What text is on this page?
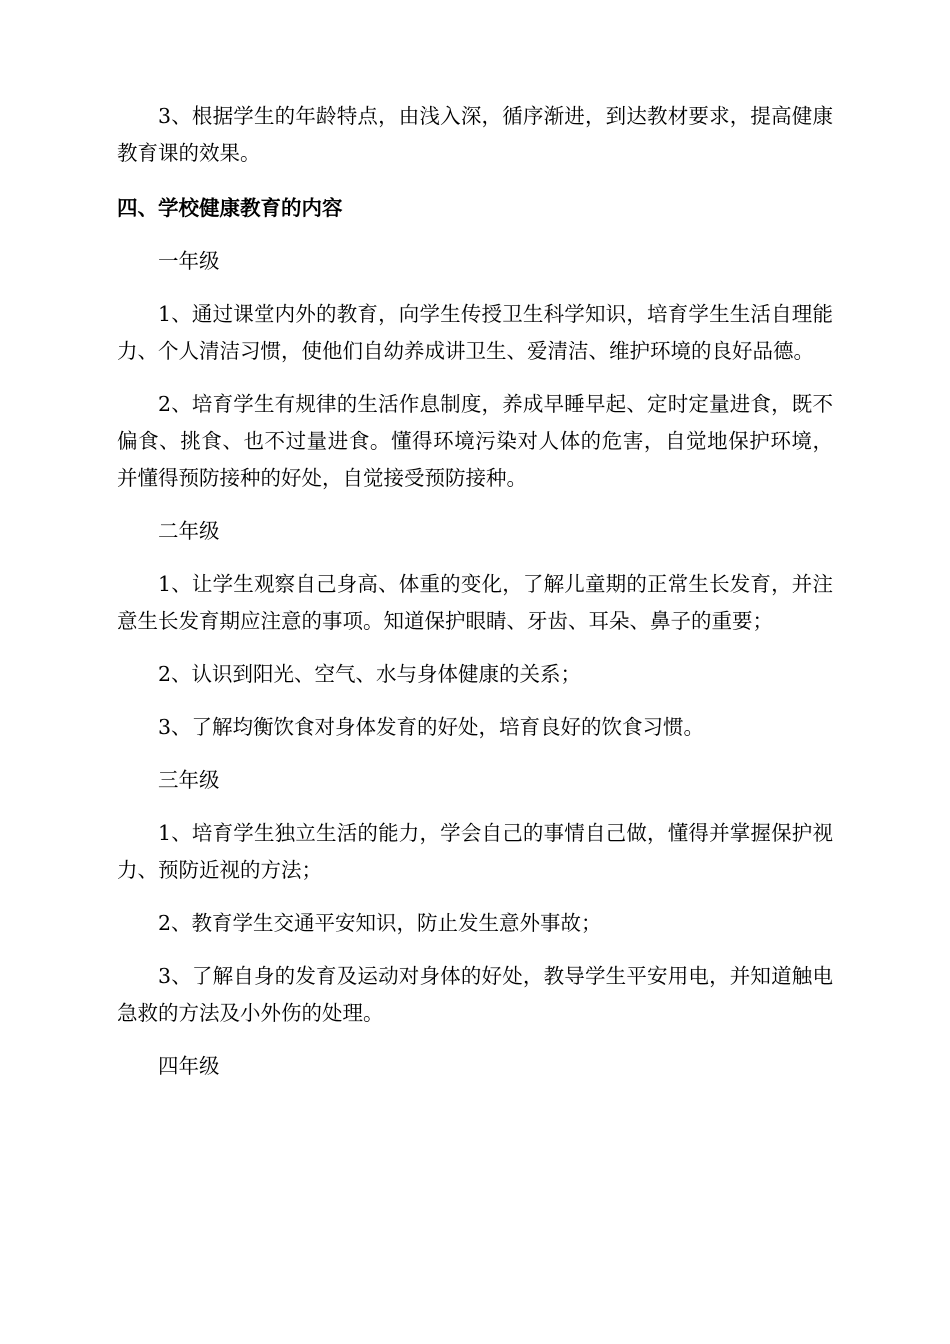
3、根据学生的年龄特点，由浅入深，循序渐进，到达教材要求，提高健康教育课的效果。

四、学校健康教育的内容

一年级

1、通过课堂内外的教育，向学生传授卫生科学知识，培育学生生活自理能力、个人清洁习惯，使他们自幼养成讲卫生、爱清洁、维护环境的良好品德。

2、培育学生有规律的生活作息制度，养成早睡早起、定时定量进食，既不偏食、挑食、也不过量进食。懂得环境污染对人体的危害，自觉地保护环境，并懂得预防接种的好处，自觉接受预防接种。

二年级

1、让学生观察自己身高、体重的变化，了解儿童期的正常生长发育，并注意生长发育期应注意的事项。知道保护眼睛、牙齿、耳朵、鼻子的重要；

2、认识到阳光、空气、水与身体健康的关系；

3、了解均衡饮食对身体发育的好处，培育良好的饮食习惯。

三年级

1、培育学生独立生活的能力，学会自己的事情自己做，懂得并掌握保护视力、预防近视的方法；

2、教育学生交通平安知识，防止发生意外事故；

3、了解自身的发育及运动对身体的好处，教导学生平安用电，并知道触电急救的方法及小外伤的处理。

四年级
